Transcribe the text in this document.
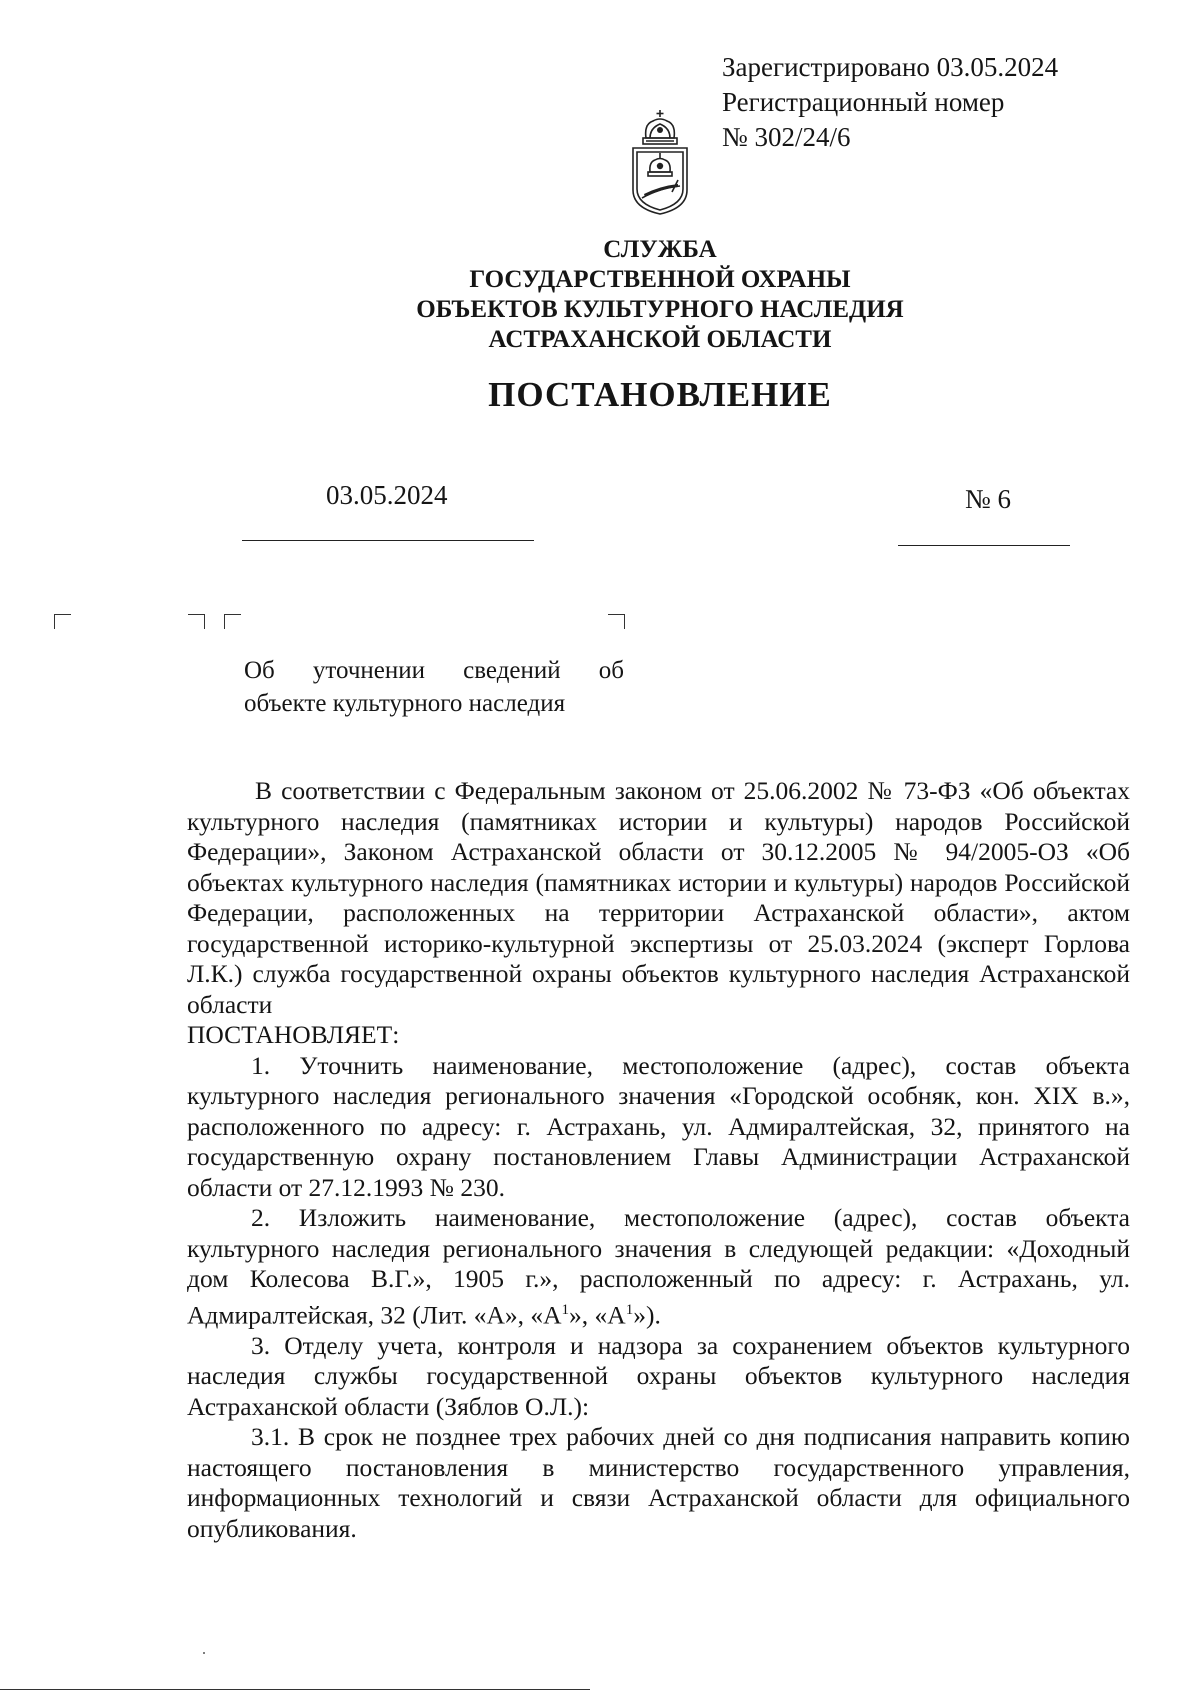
Зарегистрировано 03.05.2024
Регистрационный номер
№ 302/24/6
СЛУЖБА
ГОСУДАРСТВЕННОЙ ОХРАНЫ
ОБЪЕКТОВ КУЛЬТУРНОГО НАСЛЕДИЯ
АСТРАХАНСКОЙ ОБЛАСТИ
ПОСТАНОВЛЕНИЕ
03.05.2024	№ 6
Об уточнении сведений об
объекте культурного наследия

В соответствии с Федеральным законом от 25.06.2002 № 73-ФЗ «Об объектах культурного наследия (памятниках истории и культуры) народов Российской Федерации», Законом Астраханской области от 30.12.2005 № 94/2005-ОЗ «Об объектах культурного наследия (памятниках истории и культуры) народов Российской Федерации, расположенных на территории Астраханской области», актом государственной историко-культурной экспертизы от 25.03.2024 (эксперт Горлова Л.К.) служба государственной охраны объектов культурного наследия Астраханской области

ПОСТАНОВЛЯЕТ:

1. Уточнить наименование, местоположение (адрес), состав объекта культурного наследия регионального значения «Городской особняк, кон. XIX в.», расположенного по адресу: г. Астрахань, ул. Адмиралтейская, 32, принятого на государственную охрану постановлением Главы Администрации Астраханской области от 27.12.1993 № 230.

2. Изложить наименование, местоположение (адрес), состав объекта культурного наследия регионального значения в следующей редакции: «Доходный дом Колесова В.Г.», 1905 г.», расположенный по адресу: г. Астрахань, ул. Адмиралтейская, 32 (Лит. «А», «$А^1$», «$А^1$»).

3. Отделу учета, контроля и надзора за сохранением объектов культурного наследия службы государственной охраны объектов культурного наследия Астраханской области (Зяблов О.Л.):

3.1. В срок не позднее трех рабочих дней со дня подписания направить копию настоящего постановления в министерство государственного управления, информационных технологий и связи Астраханской области для официального опубликования.
